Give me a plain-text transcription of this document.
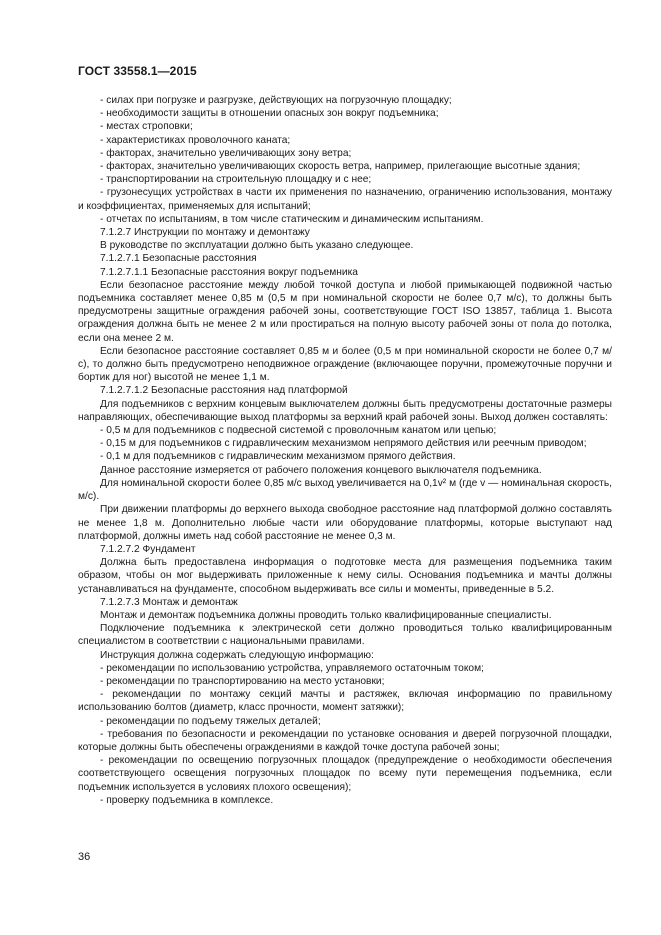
ГОСТ 33558.1—2015

- силах при погрузке и разгрузке, действующих на погрузочную площадку;

- необходимости защиты в отношении опасных зон вокруг подъемника;

- местах строповки;

- характеристиках проволочного каната;

- факторах, значительно увеличивающих зону ветра;

- факторах, значительно увеличивающих скорость ветра, например, прилегающие высотные здания;

- транспортировании на строительную площадку и с нее;

- грузонесущих устройствах в части их применения по назначению, ограничению использования, монтажу и коэффициентах, применяемых для испытаний;

- отчетах по испытаниям, в том числе статическим и динамическим испытаниям.

7.1.2.7 Инструкции по монтажу и демонтажу

В руководстве по эксплуатации должно быть указано следующее.

7.1.2.7.1 Безопасные расстояния

7.1.2.7.1.1 Безопасные расстояния вокруг подъемника

Если безопасное расстояние между любой точкой доступа и любой примыкающей подвижной частью подъемника составляет менее 0,85 м (0,5 м при номинальной скорости не более 0,7 м/с), то должны быть предусмотрены защитные ограждения рабочей зоны, соответствующие ГОСТ ISO 13857, таблица 1. Высота ограждения должна быть не менее 2 м или простираться на полную высоту рабочей зоны от пола до потолка, если она менее 2 м.

Если безопасное расстояние составляет 0,85 м и более (0,5 м при номинальной скорости не более 0,7 м/с), то должно быть предусмотрено неподвижное ограждение (включающее поручни, промежуточные поручни и бортик для ног) высотой не менее 1,1 м.

7.1.2.7.1.2 Безопасные расстояния над платформой

Для подъемников с верхним концевым выключателем должны быть предусмотрены достаточные размеры направляющих, обеспечивающие выход платформы за верхний край рабочей зоны. Выход должен составлять:

- 0,5 м для подъемников с подвесной системой с проволочным канатом или цепью;

- 0,15 м для подъемников с гидравлическим механизмом непрямого действия или реечным приводом;

- 0,1 м для подъемников с гидравлическим механизмом прямого действия.

Данное расстояние измеряется от рабочего положения концевого выключателя подъемника.

Для номинальной скорости более 0,85 м/с выход увеличивается на 0,1v² м (где v — номинальная скорость, м/с).

При движении платформы до верхнего выхода свободное расстояние над платформой должно составлять не менее 1,8 м. Дополнительно любые части или оборудование платформы, которые выступают над платформой, должны иметь над собой расстояние не менее 0,3 м.

7.1.2.7.2 Фундамент

Должна быть предоставлена информация о подготовке места для размещения подъемника таким образом, чтобы он мог выдерживать приложенные к нему силы. Основания подъемника и мачты должны устанавливаться на фундаменте, способном выдерживать все силы и моменты, приведенные в 5.2.

7.1.2.7.3 Монтаж и демонтаж

Монтаж и демонтаж подъемника должны проводить только квалифицированные специалисты.

Подключение подъемника к электрической сети должно проводиться только квалифицированным специалистом в соответствии с национальными правилами.

Инструкция должна содержать следующую информацию:

- рекомендации по использованию устройства, управляемого остаточным током;

- рекомендации по транспортированию на место установки;

- рекомендации по монтажу секций мачты и растяжек, включая информацию по правильному использованию болтов (диаметр, класс прочности, момент затяжки);

- рекомендации по подъему тяжелых деталей;

- требования по безопасности и рекомендации по установке основания и дверей погрузочной площадки, которые должны быть обеспечены ограждениями в каждой точке доступа рабочей зоны;

- рекомендации по освещению погрузочных площадок (предупреждение о необходимости обеспечения соответствующего освещения погрузочных площадок по всему пути перемещения подъемника, если подъемник используется в условиях плохого освещения);

- проверку подъемника в комплексе.

36
